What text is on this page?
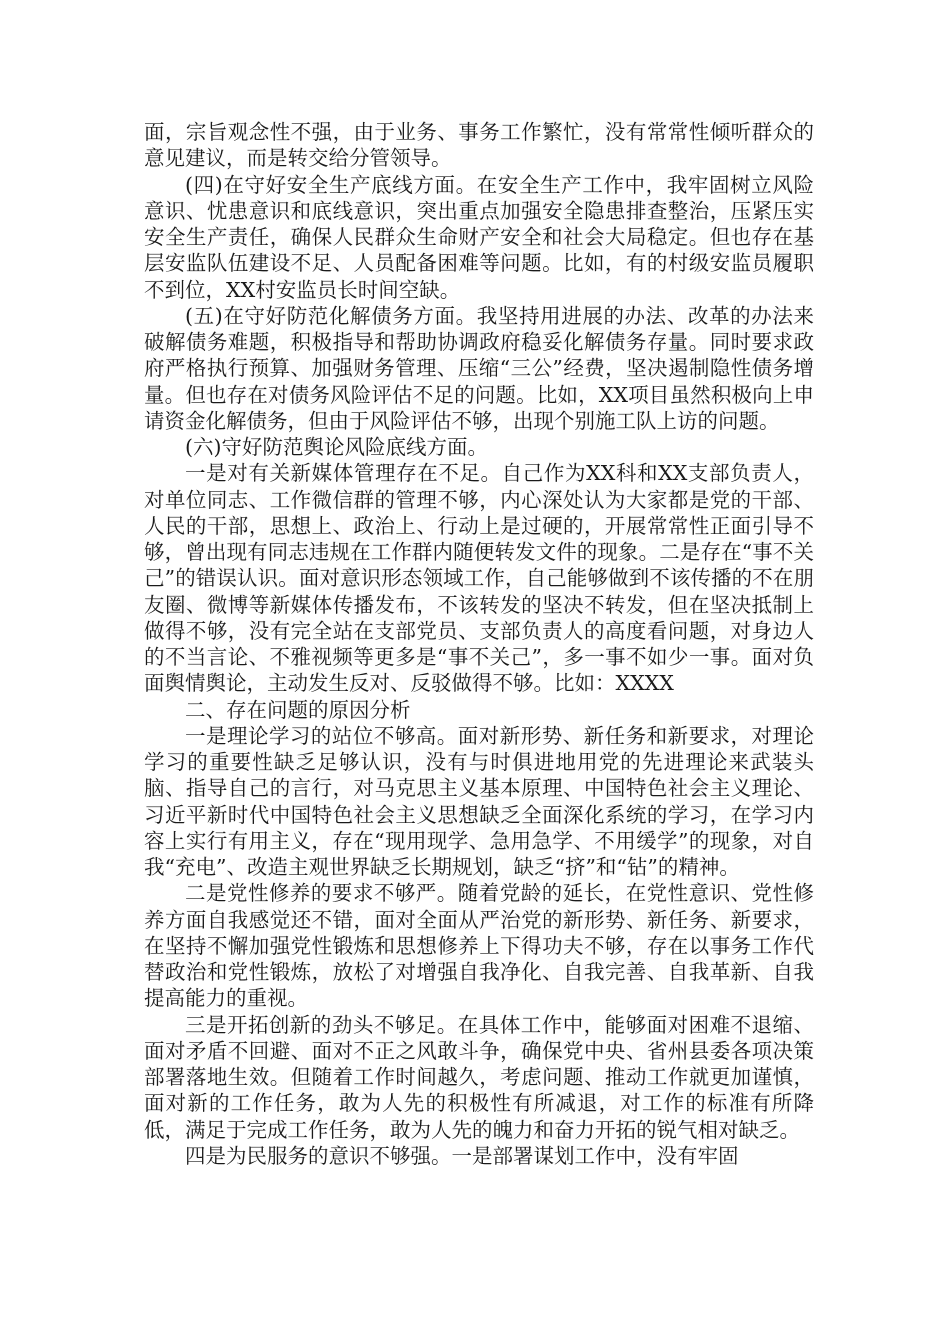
面，宗旨观念性不强，由于业务、事务工作繁忙，没有常常性倾听群众的意见建议，而是转交给分管领导。

(四)在守好安全生产底线方面。在安全生产工作中，我牢固树立风险意识、忧患意识和底线意识，突出重点加强安全隐患排查整治，压紧压实安全生产责任，确保人民群众生命财产安全和社会大局稳定。但也存在基层安监队伍建设不足、人员配备困难等问题。比如，有的村级安监员履职不到位，XX村安监员长时间空缺。

(五)在守好防范化解债务方面。我坚持用进展的办法、改革的办法来破解债务难题，积极指导和帮助协调政府稳妥化解债务存量。同时要求政府严格执行预算、加强财务管理、压缩“三公”经费，坚决遏制隐性债务增量。但也存在对债务风险评估不足的问题。比如，XX项目虽然积极向上申请资金化解债务，但由于风险评估不够，出现个别施工队上访的问题。

(六)守好防范舆论风险底线方面。

一是对有关新媒体管理存在不足。自己作为XX科和XX支部负责人，对单位同志、工作微信群的管理不够，内心深处认为大家都是党的干部、人民的干部，思想上、政治上、行动上是过硬的，开展常常性正面引导不够，曾出现有同志违规在工作群内随便转发文件的现象。二是存在“事不关己”的错误认识。面对意识形态领域工作，自己能够做到不该传播的不在朋友圈、微博等新媒体传播发布，不该转发的坚决不转发，但在坚决抵制上做得不够，没有完全站在支部党员、支部负责人的高度看问题，对身边人的不当言论、不雅视频等更多是“事不关己”，多一事不如少一事。面对负面舆情舆论，主动发生反对、反驳做得不够。比如：XXXX

二、存在问题的原因分析

一是理论学习的站位不够高。面对新形势、新任务和新要求，对理论学习的重要性缺乏足够认识，没有与时俱进地用党的先进理论来武装头脑、指导自己的言行，对马克思主义基本原理、中国特色社会主义理论、习近平新时代中国特色社会主义思想缺乏全面深化系统的学习，在学习内容上实行有用主义，存在“现用现学、急用急学、不用缓学”的现象，对自我“充电”、改造主观世界缺乏长期规划，缺乏“挤”和“钻”的精神。

二是党性修养的要求不够严。随着党龄的延长，在党性意识、党性修养方面自我感觉还不错，面对全面从严治党的新形势、新任务、新要求，在坚持不懈加强党性锻炼和思想修养上下得功夫不够，存在以事务工作代替政治和党性锻炼，放松了对增强自我净化、自我完善、自我革新、自我提高能力的重视。

三是开拓创新的劲头不够足。在具体工作中，能够面对困难不退缩、面对矛盾不回避、面对不正之风敢斗争，确保党中央、省州县委各项决策部署落地生效。但随着工作时间越久，考虑问题、推动工作就更加谨慎，面对新的工作任务，敢为人先的积极性有所减退，对工作的标准有所降低，满足于完成工作任务，敢为人先的魄力和奋力开拓的锐气相对缺乏。

四是为民服务的意识不够强。一是部署谋划工作中，没有牢固
